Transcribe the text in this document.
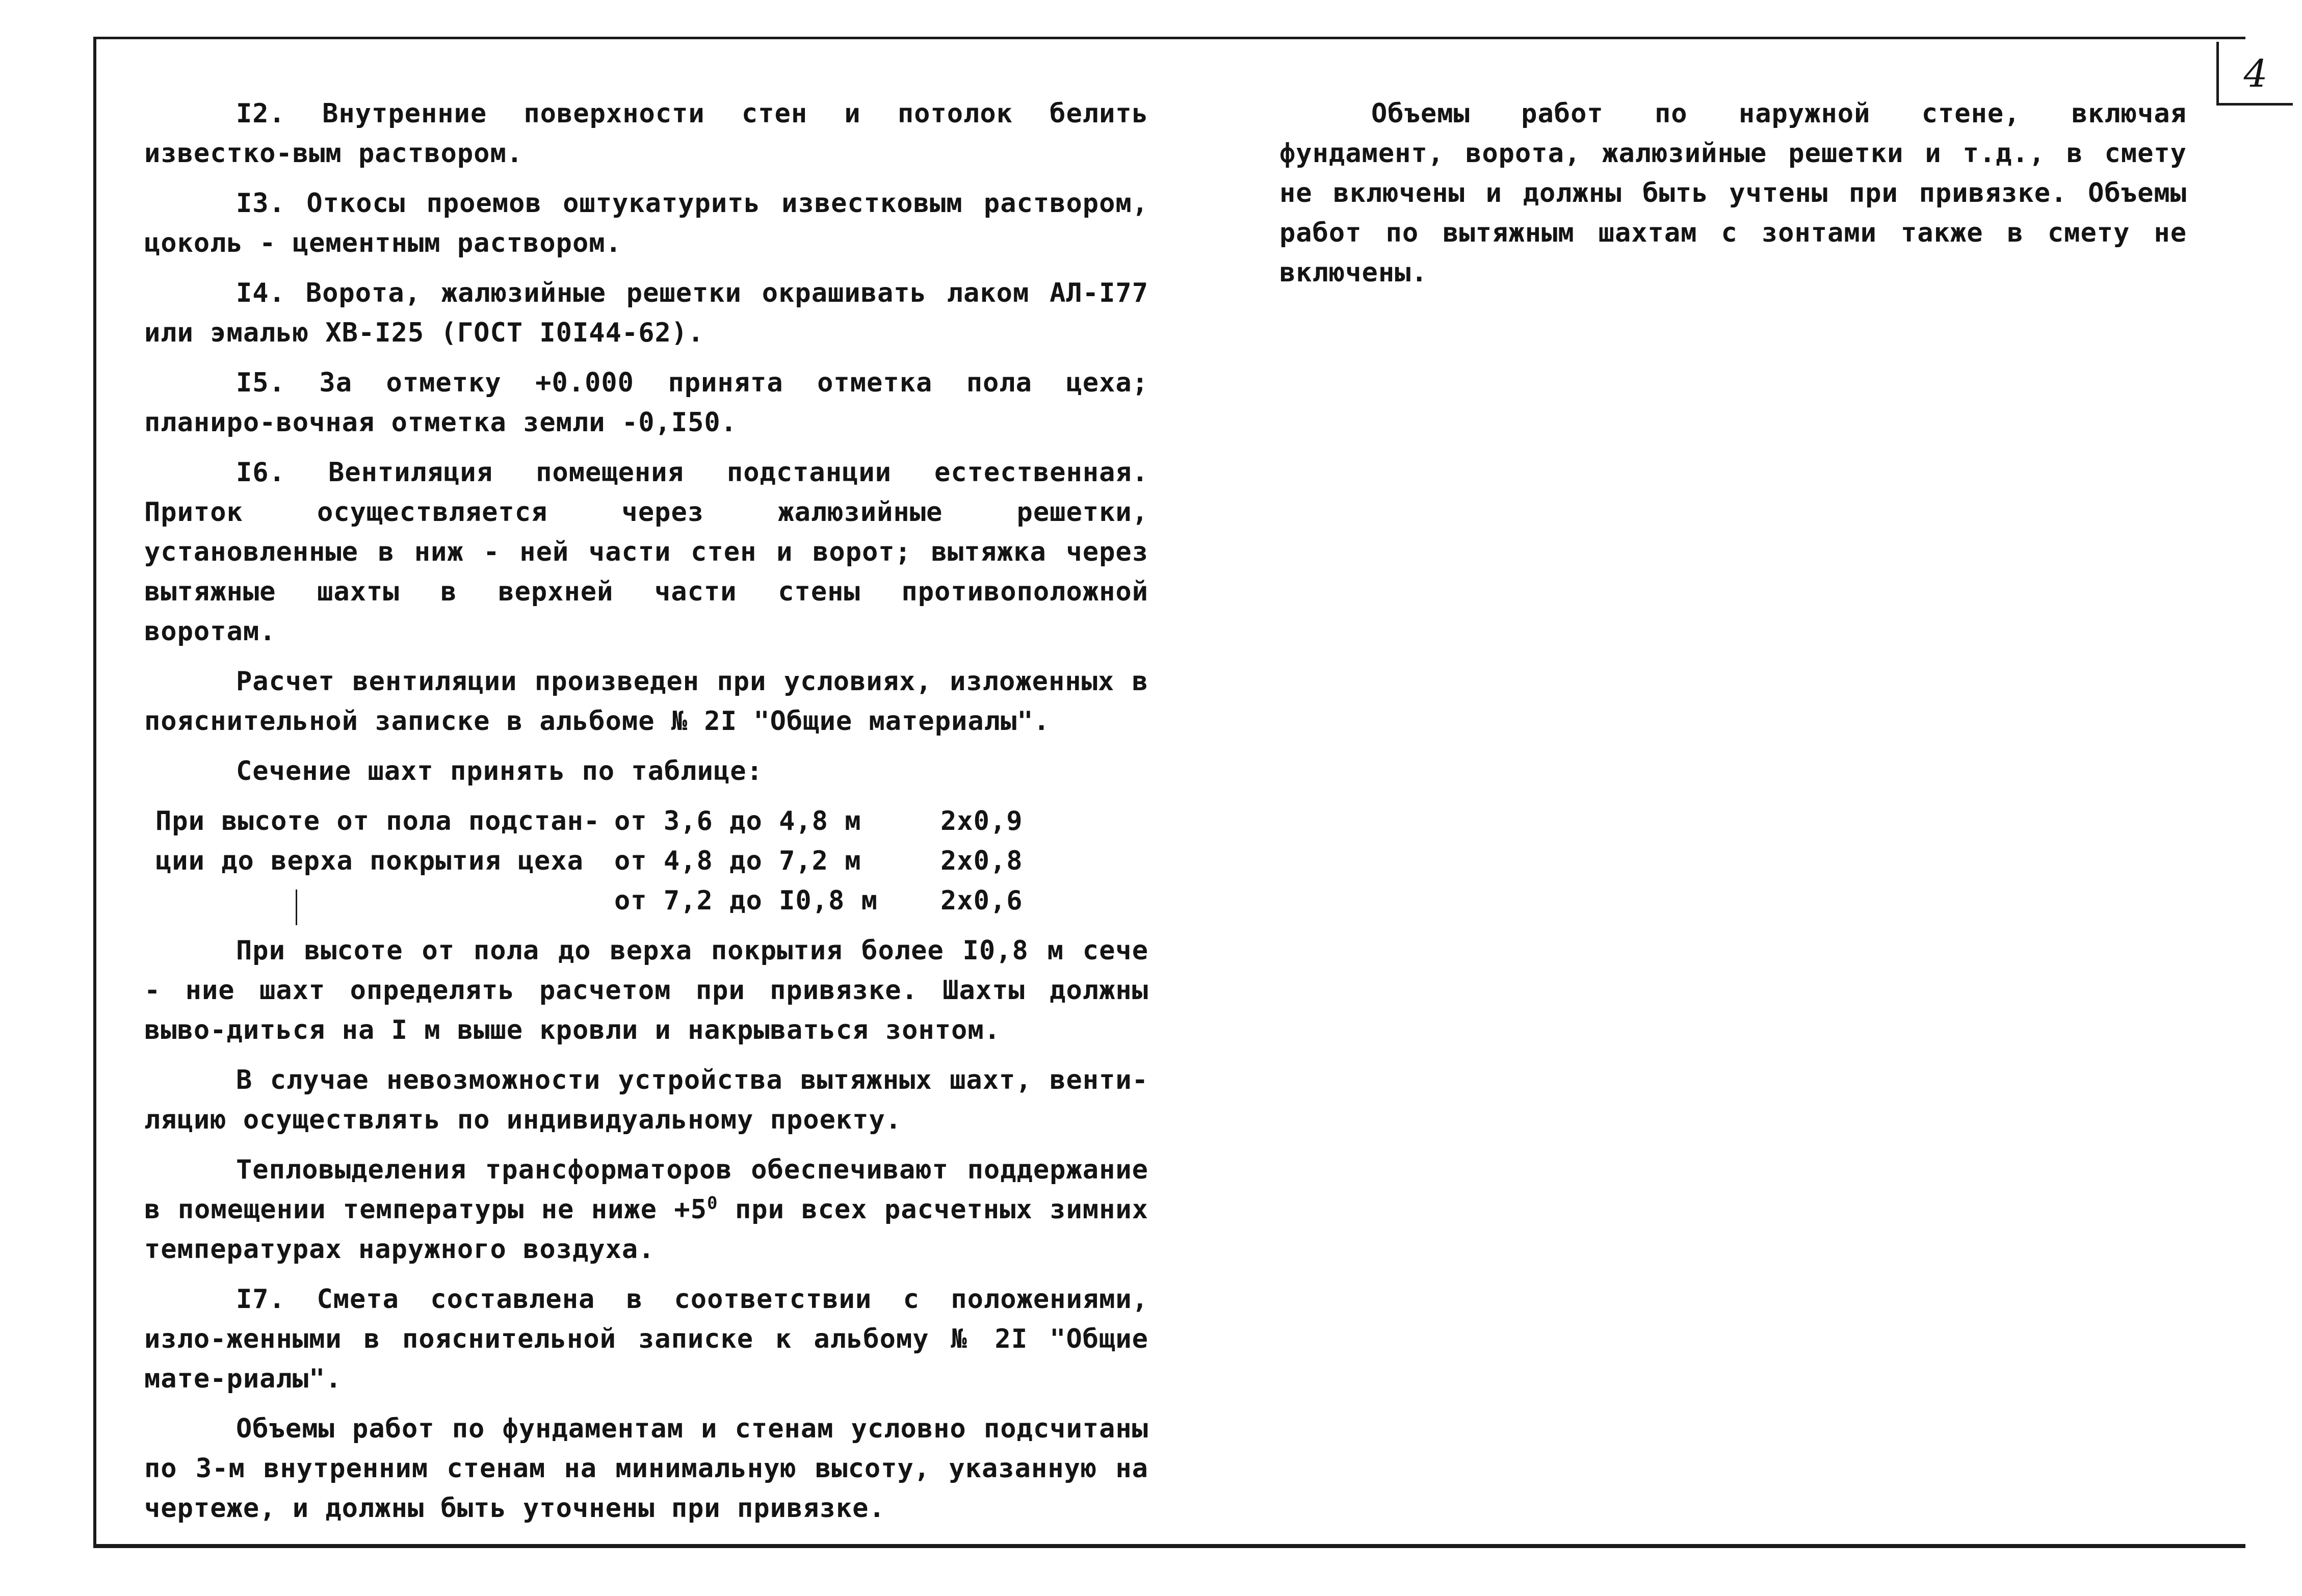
4

I2. Внутренние поверхности стен и потолок белить известко-вым раствором.

I3. Откосы проемов оштукатурить известковым раствором, цоколь - цементным раствором.

I4. Ворота, жалюзийные решетки окрашивать лаком АЛ-I77 или эмалью ХВ-I25 (ГОСТ I0I44-62).

I5. За отметку +0.000 принята отметка пола цеха; планиро-вочная отметка земли -0,I50.

I6. Вентиляция помещения подстанции естественная. Приток осуществляется через жалюзийные решетки, установленные в ниж - ней части стен и ворот; вытяжка через вытяжные шахты в верхней части стены противоположной воротам.

Расчет вентиляции произведен при условиях, изложенных в пояснительной записке в альбоме № 2I "Общие материалы".

Сечение шахт принять по таблице:

При высоте от пола подстан-	от 3,6 до 4,8 м	2x0,9
ции до верха покрытия цеха	от 4,8 до 7,2 м	2x0,8
	от 7,2 до I0,8 м	2x0,6

При высоте от пола до верха покрытия более I0,8 м сече - ние шахт определять расчетом при привязке. Шахты должны выво-диться на I м выше кровли и накрываться зонтом.

В случае невозможности устройства вытяжных шахт, венти-ляцию осуществлять по индивидуальному проекту.

Тепловыделения трансформаторов обеспечивают поддержание в помещении температуры не ниже $+5^0$ при всех расчетных зимних температурах наружного воздуха.

I7. Смета составлена в соответствии с положениями, изло-женными в пояснительной записке к альбому № 2I "Общие мате-риалы".

Объемы работ по фундаментам и стенам условно подсчитаны по 3-м внутренним стенам на минимальную высоту, указанную на чертеже, и должны быть уточнены при привязке.

Объемы работ по наружной стене, включая фундамент, ворота, жалюзийные решетки и т.д., в смету не включены и должны быть учтены при привязке. Объемы работ по вытяжным шахтам с зонтами также в смету не включены.
